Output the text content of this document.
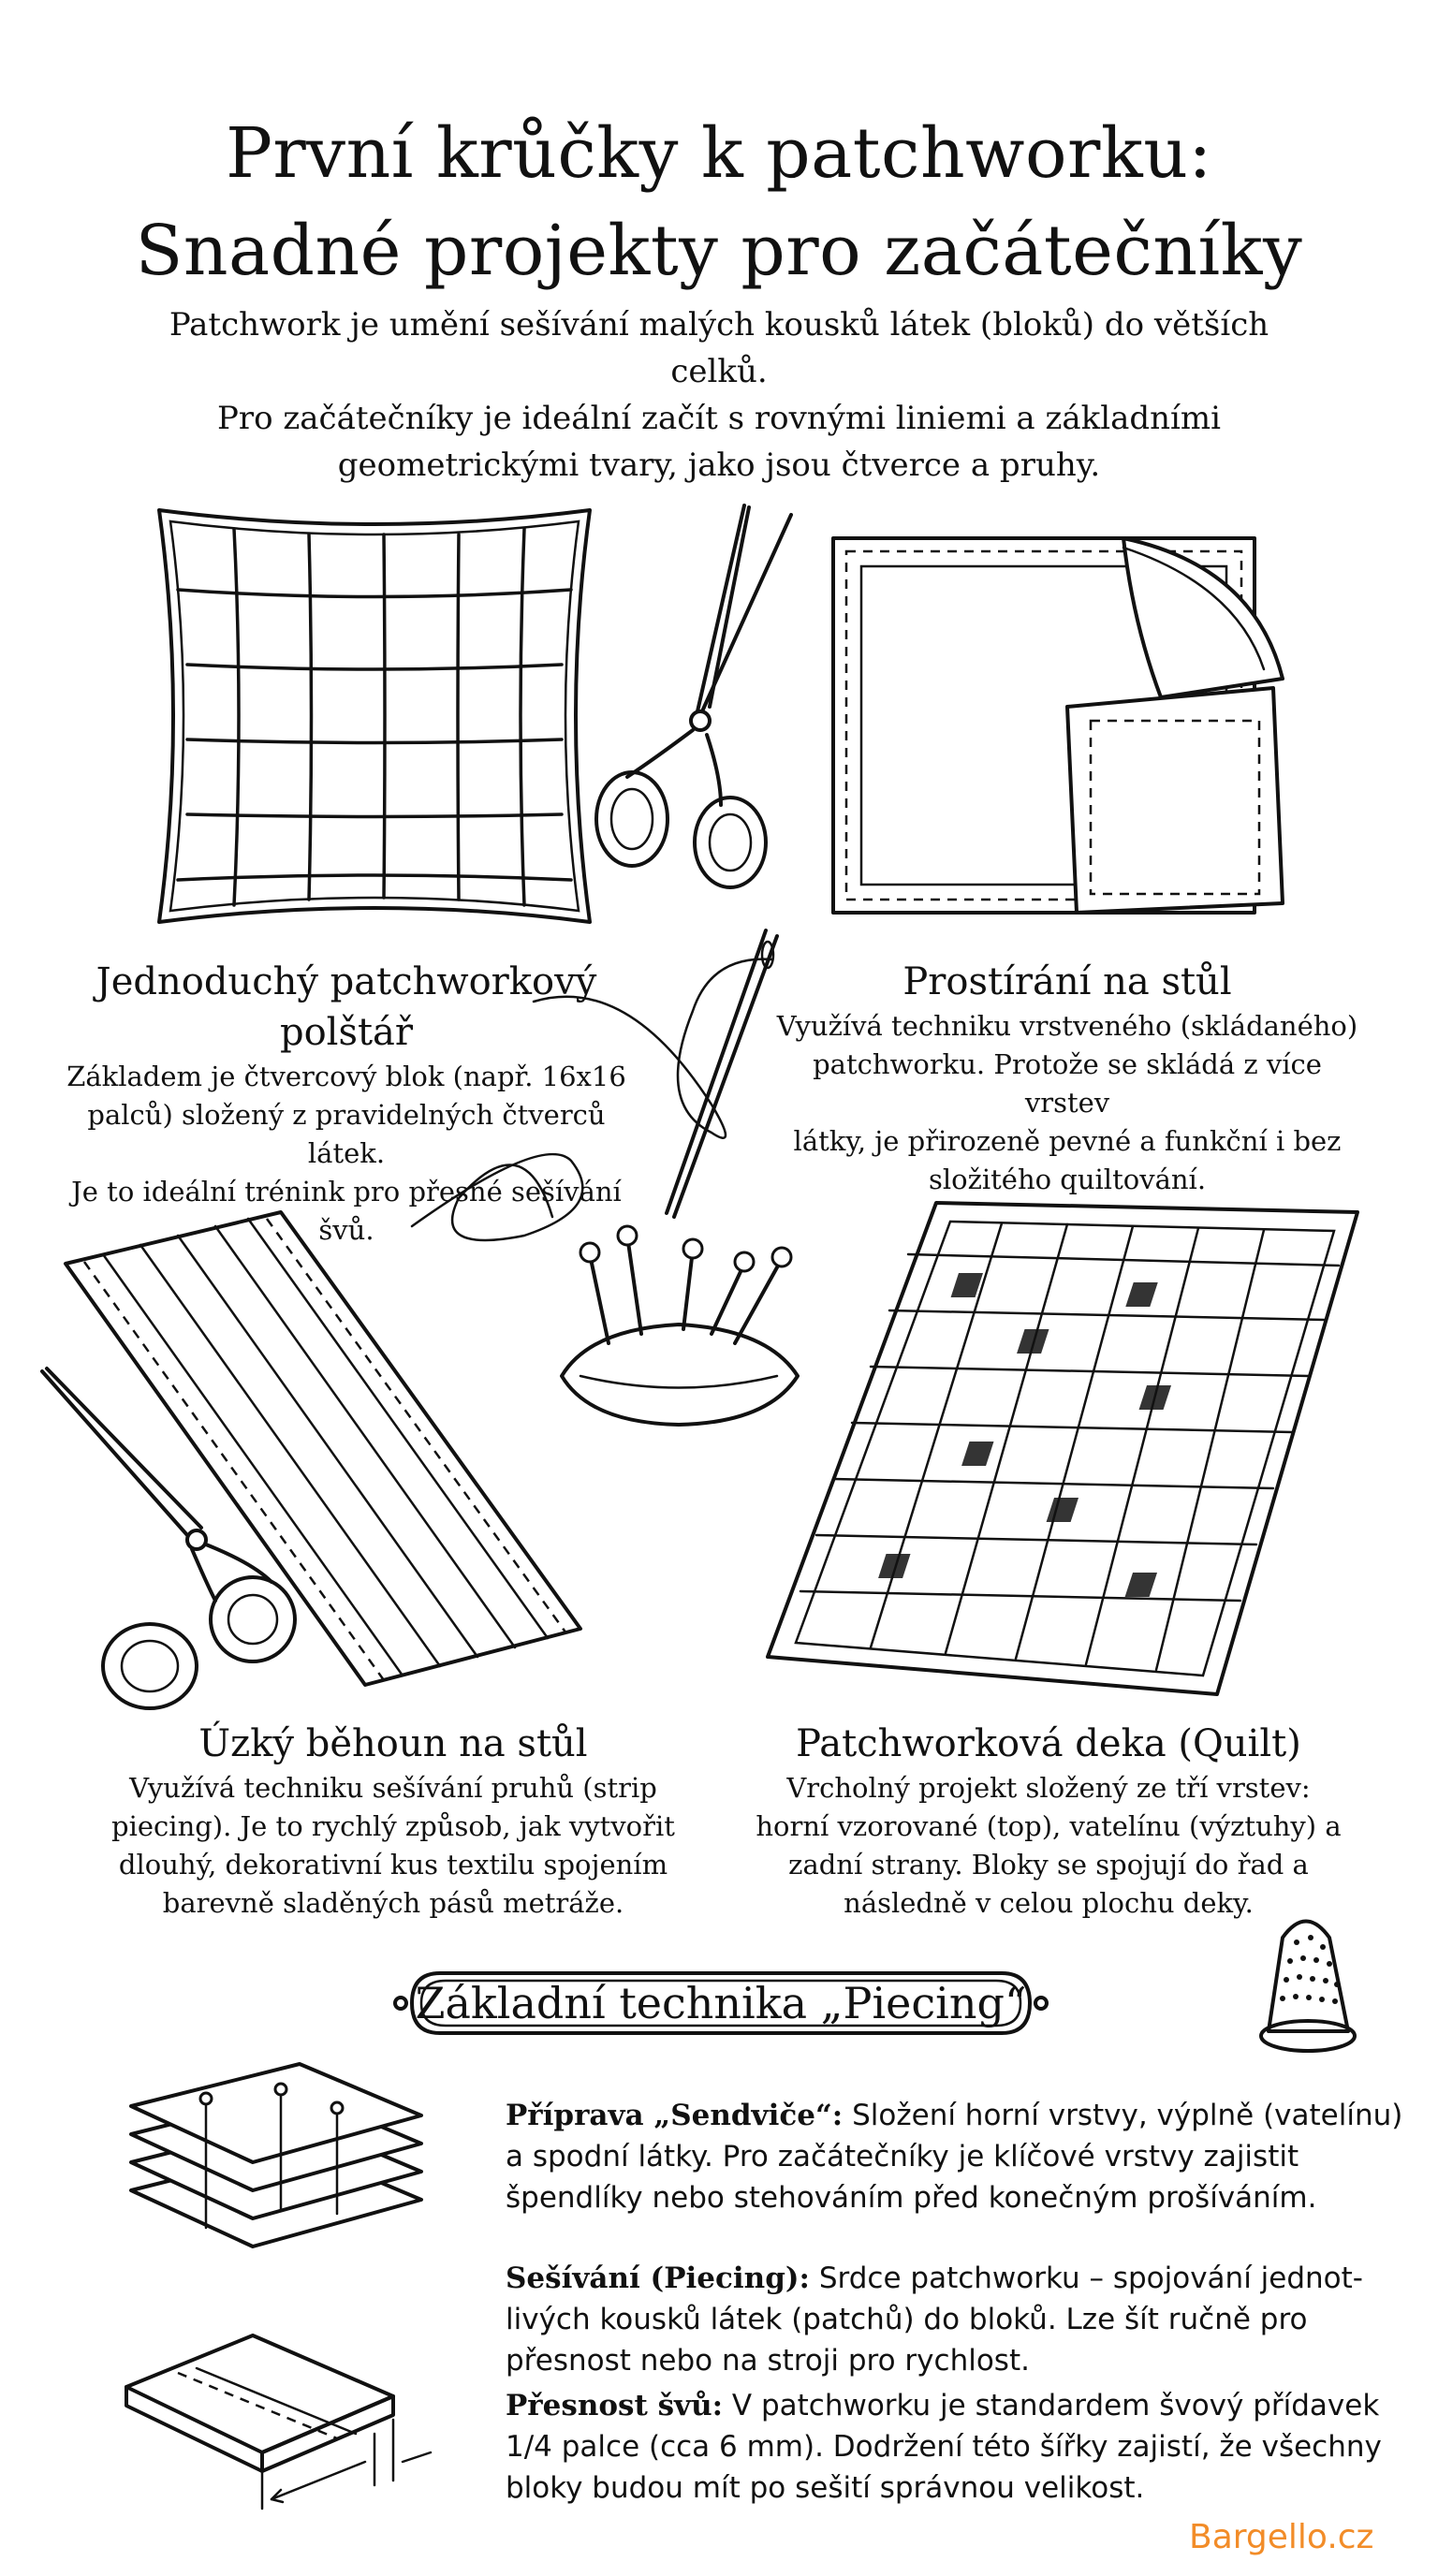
První krůčky k patchworku:
Snadné projekty pro začátečníky
Patchwork je umění sešívání malých kousků látek (bloků) do větších celků.
Pro začátečníky je ideální začít s rovnými liniemi a základními
geometrickými tvary, jako jsou čtverce a pruhy.
Jednoduchý patchworkový polštář
Základem je čtvercový blok (např. 16x16
palců) složený z pravidelných čtverců látek.
Je to ideální trénink pro přesné sešívání švů.
Prostírání na stůl
Využívá techniku vrstveného (skládaného)
patchworku. Protože se skládá z více vrstev
látky, je přirozeně pevné a funkční i bez
složitého quiltování.
Úzký běhoun na stůl
Využívá techniku sešívání pruhů (strip
piecing). Je to rychlý způsob, jak vytvořit
dlouhý, dekorativní kus textilu spojením
barevně sladěných pásů metráže.
Patchworková deka (Quilt)
Vrcholný projekt složený ze tří vrstev:
horní vzorované (top), vatelínu (výztuhy) a
zadní strany. Bloky se spojují do řad a
následně v celou plochu deky.
Základní technika „Piecing“
Příprava „Sendviče“: Složení horní vrstvy, výplně (vatelínu)
a spodní látky. Pro začátečníky je klíčové vrstvy zajistit
špendlíky nebo stehováním před konečným prošíváním.
Sešívání (Piecing): Srdce patchworku – spojování jednot-
livých kousků látek (patchů) do bloků. Lze šít ručně pro
přesnost nebo na stroji pro rychlost.
Přesnost švů: V patchworku je standardem švový přídavek
1/4 palce (cca 6 mm). Dodržení této šířky zajistí, že všechny
bloky budou mít po sešití správnou velikost.
Bargello.cz
